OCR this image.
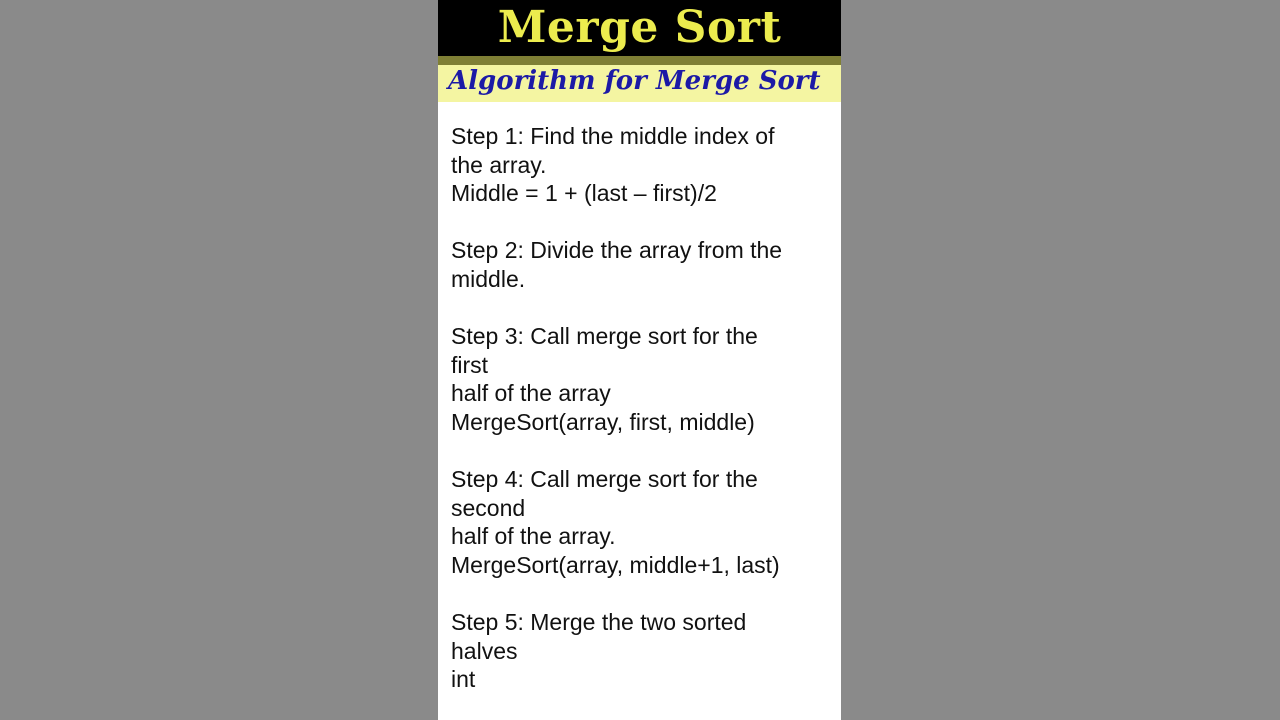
Merge Sort
Algorithm for Merge Sort
Step 1: Find the middle index of
the array.
Middle = 1 + (last – first)/2
Step 2: Divide the array from the
middle.
Step 3: Call merge sort for the
first
half of the array
MergeSort(array, first, middle)
Step 4: Call merge sort for the
second
half of the array.
MergeSort(array, middle+1, last)
Step 5: Merge the two sorted
halves
int
